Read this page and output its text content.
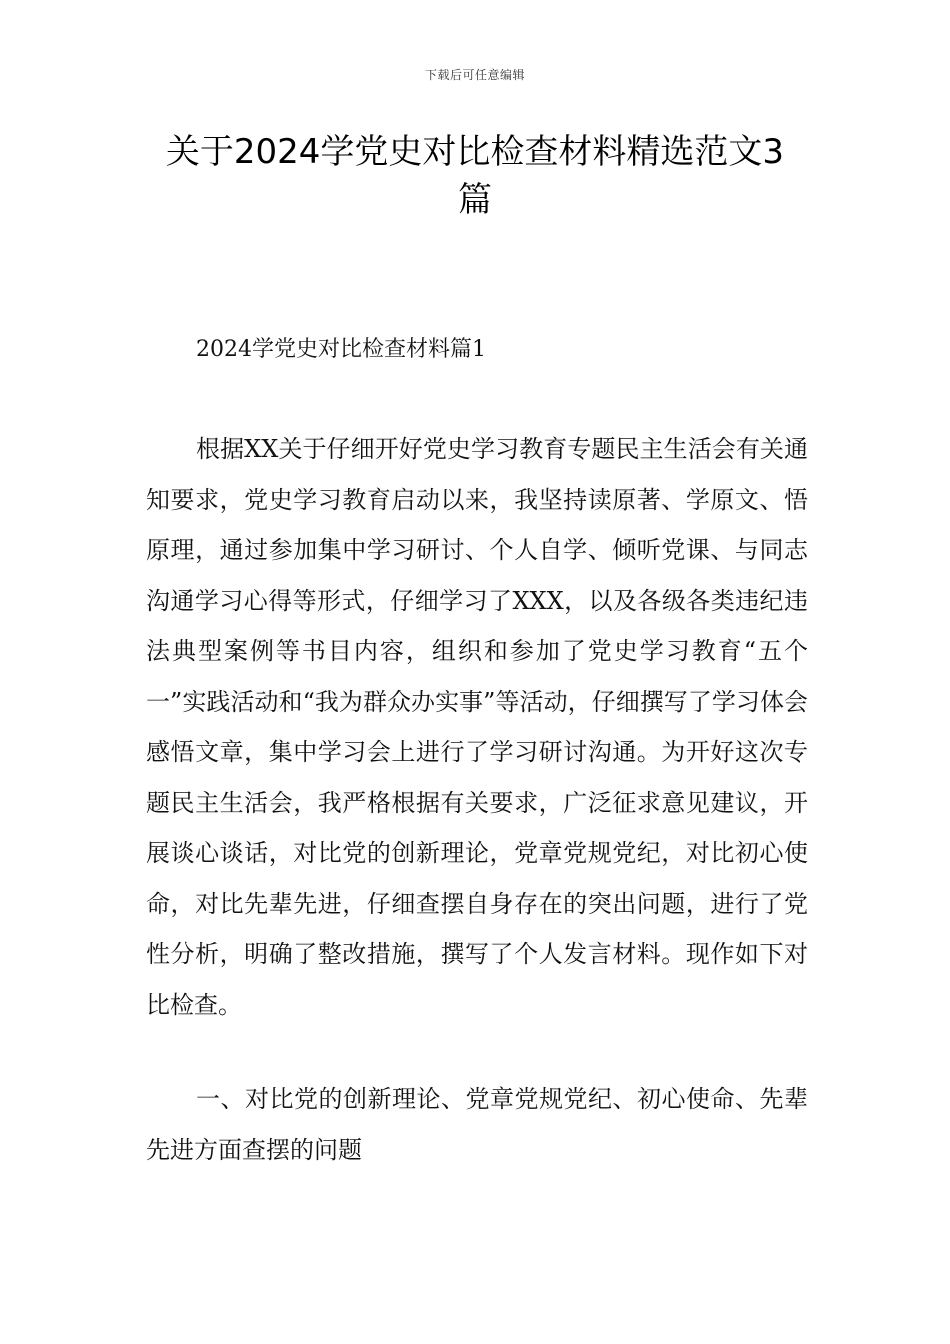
下载后可任意编辑
关于2024学党史对比检查材料精选范文3篇
2024学党史对比检查材料篇1

根据XX关于仔细开好党史学习教育专题民主生活会有关通知要求，党史学习教育启动以来，我坚持读原著、学原文、悟原理，通过参加集中学习研讨、个人自学、倾听党课、与同志沟通学习心得等形式，仔细学习了XXX，以及各级各类违纪违法典型案例等书目内容，组织和参加了党史学习教育“五个一”实践活动和“我为群众办实事”等活动，仔细撰写了学习体会感悟文章，集中学习会上进行了学习研讨沟通。为开好这次专题民主生活会，我严格根据有关要求，广泛征求意见建议，开展谈心谈话，对比党的创新理论，党章党规党纪，对比初心使命，对比先辈先进，仔细查摆自身存在的突出问题，进行了党性分析，明确了整改措施，撰写了个人发言材料。现作如下对比检查。

一、对比党的创新理论、党章党规党纪、初心使命、先辈先进方面查摆的问题
